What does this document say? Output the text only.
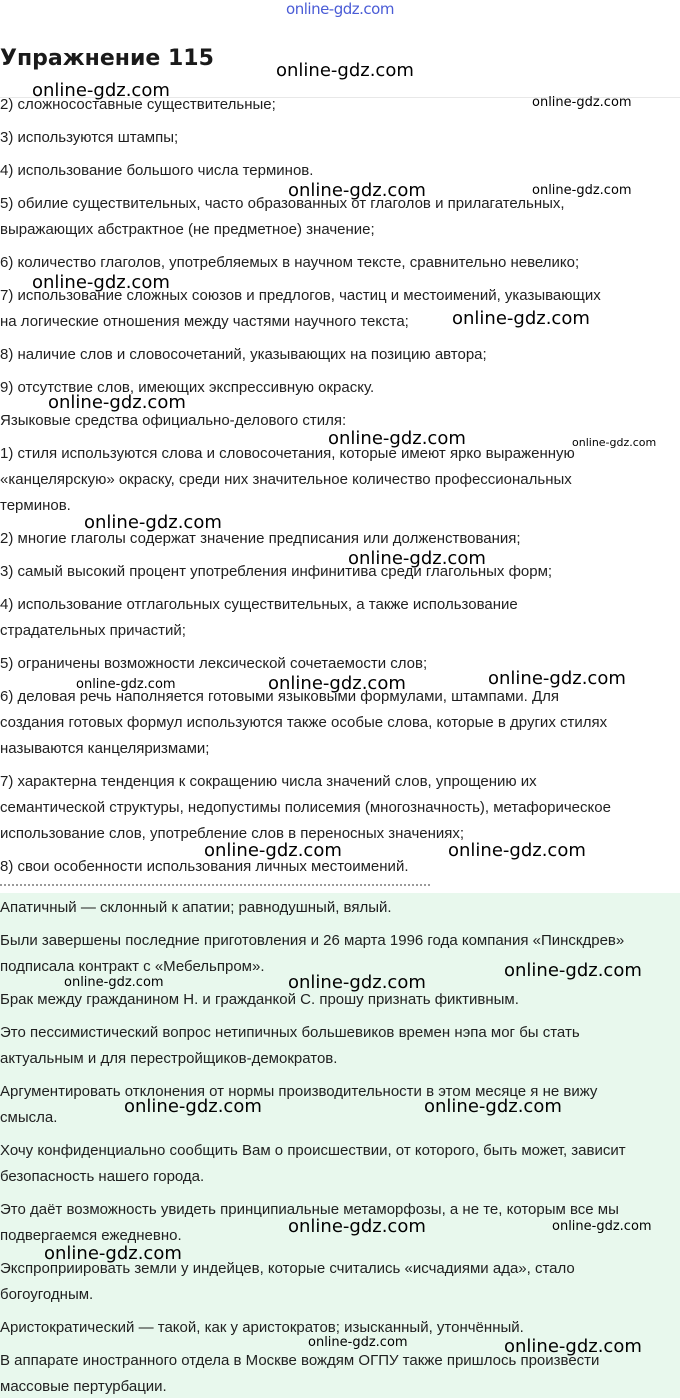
online-gdz.com
Упражнение 115

2) сложносоставные существительные;

3) используются штампы;

4) использование большого числа терминов.

5) обилие существительных, часто образованных от глаголов и прилагательных,

выражающих абстрактное (не предметное) значение;

6) количество глаголов, употребляемых в научном тексте, сравнительно невелико;

7) использование сложных союзов и предлогов, частиц и местоимений, указывающих

на логические отношения между частями научного текста;

8) наличие слов и словосочетаний, указывающих на позицию автора;

9) отсутствие слов, имеющих экспрессивную окраску.

Языковые средства официально-делового стиля:

1) стиля используются слова и словосочетания, которые имеют ярко выраженную

«канцелярскую» окраску, среди них значительное количество профессиональных

терминов.

2) многие глаголы содержат значение предписания или долженствования;

3) самый высокий процент употребления инфинитива среди глагольных форм;

4) использование отглагольных существительных, а также использование

страдательных причастий;

5) ограничены возможности лексической сочетаемости слов;

6) деловая речь наполняется готовыми языковыми формулами, штампами. Для

создания готовых формул используются также особые слова, которые в других стилях

называются канцеляризмами;

7) характерна тенденция к сокращению числа значений слов, упрощению их

семантической структуры, недопустимы полисемия (многозначность), метафорическое

использование слов, употребление слов в переносных значениях;

8) свои особенности использования личных местоимений.

Апатичный — склонный к апатии; равнодушный, вялый.

Были завершены последние приготовления и 26 марта 1996 года компания «Пинскдрев»

подписала контракт с «Мебельпром».

Брак между гражданином Н. и гражданкой С. прошу признать фиктивным.

Это пессимистический вопрос нетипичных большевиков времен нэпа мог бы стать

актуальным и для перестройщиков-демократов.

Аргументировать отклонения от нормы производительности в этом месяце я не вижу

смысла.

Хочу конфиденциально сообщить Вам о происшествии, от которого, быть может, зависит

безопасность нашего города.

Это даёт возможность увидеть принципиальные метаморфозы, а не те, которым все мы

подвергаемся ежедневно.

Экспроприировать земли у индейцев, которые считались «исчадиями ада», стало

богоугодным.

Аристократический — такой, как у аристократов; изысканный, утончённый.

В аппарате иностранного отдела в Москве вождям ОГПУ также пришлось произвести

массовые пертурбации.

online-gdz.com
online-gdz.com
online-gdz.com
online-gdz.com	online-gdz.com
online-gdz.com
online-gdz.com
online-gdz.com
online-gdz.com	online-gdz.com
online-gdz.com
online-gdz.com
online-gdz.com
online-gdz.com	online-gdz.com
online-gdz.com	online-gdz.com
online-gdz.com
online-gdz.com
online-gdz.com
online-gdz.com	online-gdz.com
online-gdz.com	online-gdz.com
online-gdz.com
online-gdz.com	online-gdz.com
